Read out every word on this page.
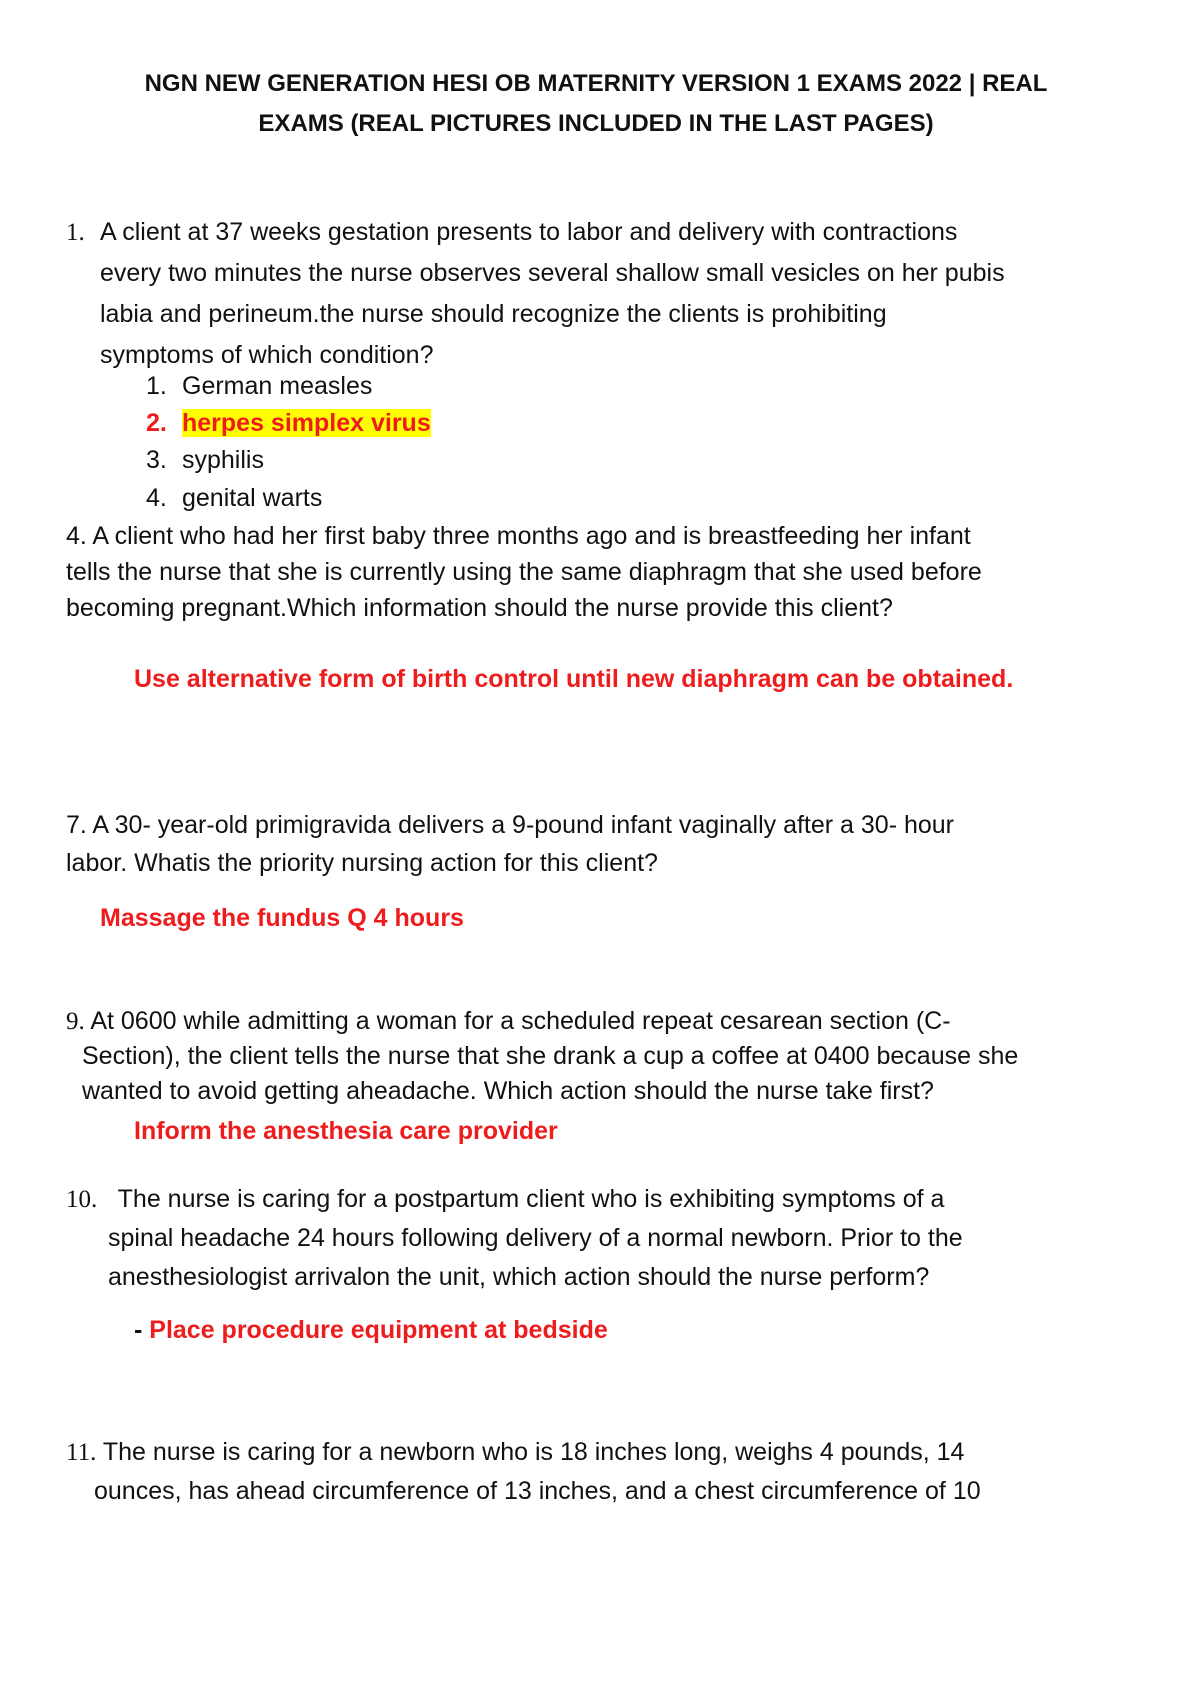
NGN NEW GENERATION HESI OB MATERNITY VERSION 1 EXAMS 2022 | REAL
EXAMS (REAL PICTURES INCLUDED IN THE LAST PAGES)
1. A client at 37 weeks gestation presents to labor and delivery with contractions
every two minutes the nurse observes several shallow small vesicles on her pubis
labia and perineum.the nurse should recognize the clients is prohibiting
symptoms of which condition?
1. German measles
2. herpes simplex virus
3. syphilis
4. genital warts
4. A client who had her first baby three months ago and is breastfeeding her infant
tells the nurse that she is currently using the same diaphragm that she used before
becoming pregnant.Which information should the nurse provide this client?
Use alternative form of birth control until new diaphragm can be obtained.
7. A 30- year-old primigravida delivers a 9-pound infant vaginally after a 30- hour
labor. Whatis the priority nursing action for this client?
Massage the fundus Q 4 hours
9. At 0600 while admitting a woman for a scheduled repeat cesarean section (C-
Section), the client tells the nurse that she drank a cup a coffee at 0400 because she
wanted to avoid getting aheadache. Which action should the nurse take first?
Inform the anesthesia care provider
10. The nurse is caring for a postpartum client who is exhibiting symptoms of a
spinal headache 24 hours following delivery of a normal newborn. Prior to the
anesthesiologist arrivalon the unit, which action should the nurse perform?
- Place procedure equipment at bedside
11. The nurse is caring for a newborn who is 18 inches long, weighs 4 pounds, 14
ounces, has ahead circumference of 13 inches, and a chest circumference of 10
